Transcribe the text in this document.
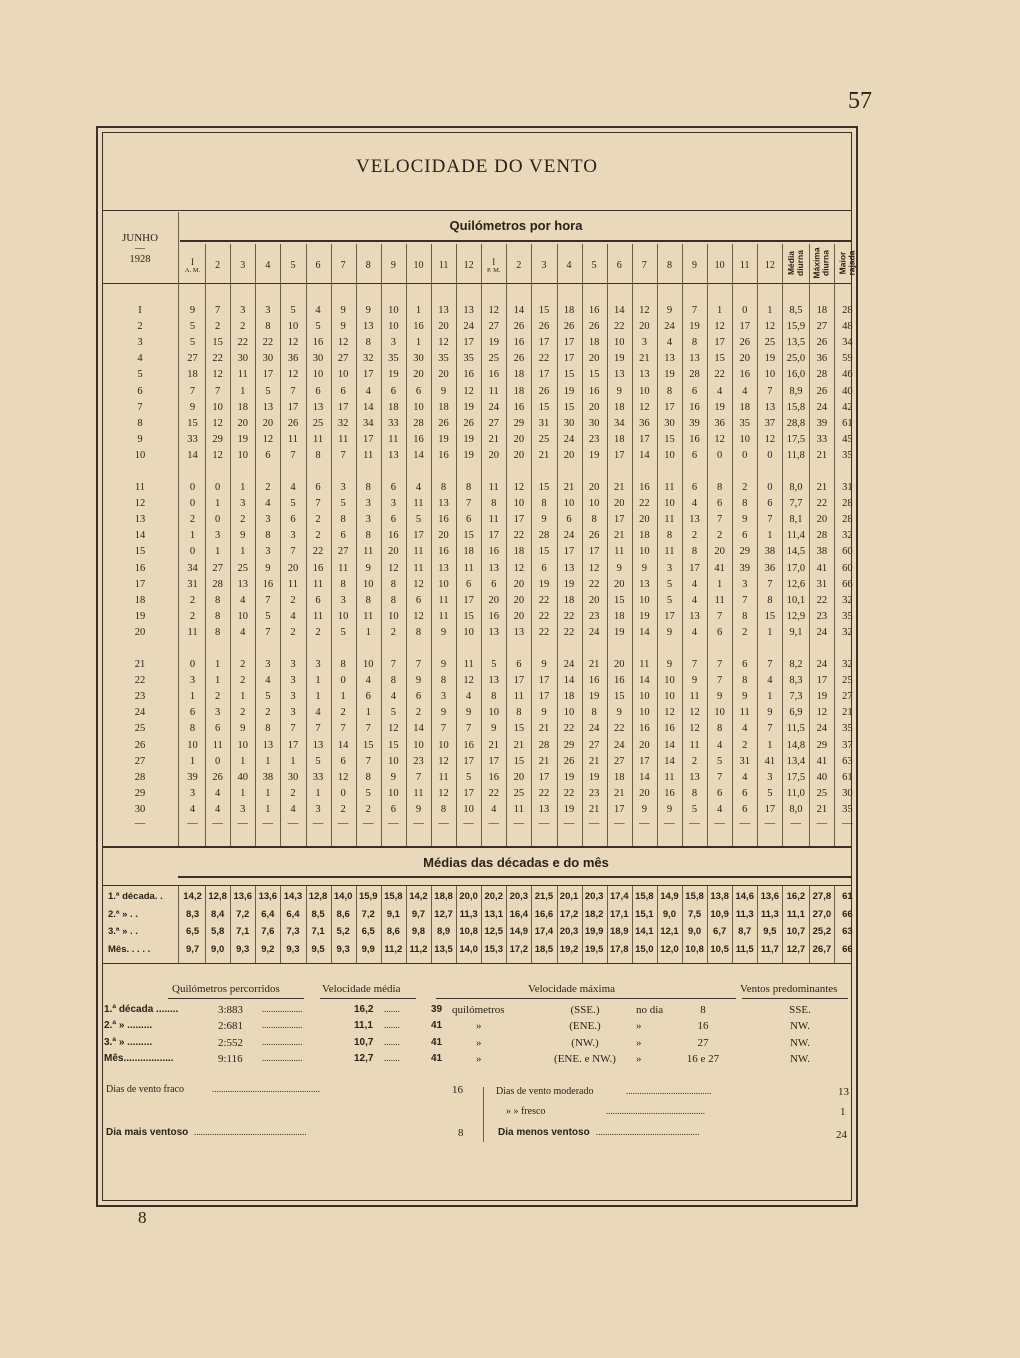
57
VELOCIDADE DO VENTO
JUNHO
—
1928
Quilómetros por hora
I
A. M.	2	3	4	5	6	7	8	9	10	11	12	I
P. M.	2	3	4	5	6	7	8	9	10	11	12	Média diurna Máxima diurna Maior rajada
I	9	7	3	3	5	4	9	9	10	1	13	13	12	14	15	18	16	14	12	9	7	1	0	1	8,5	18	28
2	5	2	2	8	10	5	9	13	10	16	20	24	27	26	26	26	26	22	20	24	19	12	17	12	15,9	27	48
3	5	15	22	22	12	16	12	8	3	1	12	17	19	16	17	17	18	10	3	4	8	17	26	25	13,5	26	34
4	27	22	30	30	36	30	27	32	35	30	35	35	25	26	22	17	20	19	21	13	13	15	20	19	25,0	36	59
5	18	12	11	17	12	10	10	17	19	20	20	16	16	18	17	15	15	13	13	19	28	22	16	10	16,0	28	46
6	7	7	1	5	7	6	6	4	6	6	9	12	11	18	26	19	16	9	10	8	6	4	4	7	8,9	26	40
7	9	10	18	13	17	13	17	14	18	10	18	19	24	16	15	15	20	18	12	17	16	19	18	13	15,8	24	42
8	15	12	20	20	26	25	32	34	33	28	26	26	27	29	31	30	30	34	36	30	39	36	35	37	28,8	39	61
9	33	29	19	12	11	11	11	17	11	16	19	19	21	20	25	24	23	18	17	15	16	12	10	12	17,5	33	45
10	14	12	10	6	7	8	7	11	13	14	16	19	20	20	21	20	19	17	14	10	6	0	0	0	11,8	21	35
11	0	0	1	2	4	6	3	8	6	4	8	8	11	12	15	21	20	21	16	11	6	8	2	0	8,0	21	31
12	0	1	3	4	5	7	5	3	3	11	13	7	8	10	8	10	10	20	22	10	4	6	8	6	7,7	22	28
13	2	0	2	3	6	2	8	3	6	5	16	6	11	17	9	6	8	17	20	11	13	7	9	7	8,1	20	28
14	1	3	9	8	3	2	6	8	16	17	20	15	17	22	28	24	26	21	18	8	2	2	6	1	11,4	28	32
15	0	1	1	3	7	22	27	11	20	11	16	18	16	18	15	17	17	11	10	11	8	20	29	38	14,5	38	60
16	34	27	25	9	20	16	11	9	12	11	13	11	13	12	6	13	12	9	9	3	17	41	39	36	17,0	41	60
17	31	28	13	16	11	11	8	10	8	12	10	6	6	20	19	19	22	20	13	5	4	1	3	7	12,6	31	66
18	2	8	4	7	2	6	3	8	8	6	11	17	20	20	22	18	20	15	10	5	4	11	7	8	10,1	22	32
19	2	8	10	5	4	11	10	11	10	12	11	15	16	20	22	22	23	18	19	17	13	7	8	15	12,9	23	35
20	11	8	4	7	2	2	5	1	2	8	9	10	13	13	22	22	24	19	14	9	4	6	2	1	9,1	24	32
21	0	1	2	3	3	3	8	10	7	7	9	11	5	6	9	24	21	20	11	9	7	7	6	7	8,2	24	32
22	3	1	2	4	3	1	0	4	8	9	8	12	13	17	17	14	16	16	14	10	9	7	8	4	8,3	17	25
23	1	2	1	5	3	1	1	6	4	6	3	4	8	11	17	18	19	15	10	10	11	9	9	1	7,3	19	27
24	6	3	2	2	3	4	2	1	5	2	9	9	10	8	9	10	8	9	10	12	12	10	11	9	6,9	12	21
25	8	6	9	8	7	7	7	7	12	14	7	7	9	15	21	22	24	22	16	16	12	8	4	7	11,5	24	35
26	10	11	10	13	17	13	14	15	15	10	10	16	21	21	28	29	27	24	20	14	11	4	2	1	14,8	29	37
27	1	0	1	1	1	5	6	7	10	23	12	17	17	15	21	26	21	27	17	14	2	5	31	41	13,4	41	63
28	39	26	40	38	30	33	12	8	9	7	11	5	16	20	17	19	19	18	14	11	13	7	4	3	17,5	40	61
29	3	4	1	1	2	1	0	5	10	11	12	17	22	25	22	22	23	21	20	16	8	6	6	5	11,0	25	30
30	4	4	3	1	4	3	2	2	6	9	8	10	4	11	13	19	21	17	9	9	5	4	6	17	8,0	21	35
—	—	—	—	—	—	—	—	—	—	—	—	—	—	—	—	—	—	—	—	—	—	—	—	—	—	—	—
Médias das décadas e do mês
1.ª década. .	14,2 12,8 13,6 13,6 14,3 12,8 14,0 15,9 15,8 14,2 18,8 20,0 20,2 20,3 21,5 20,1 20,3 17,4 15,8 14,9 15,8 13,8 14,6 13,6 16,2 27,8	61
2.ª » . .	8,3	8,4	7,2	6,4	6,4	8,5	8,6	7,2	9,1	9,7 12,7 11,3 13,1 16,4 16,6 17,2 18,2 17,1 15,1 9,0	7,5 10,9 11,3 11,3 11,1 27,0	66
3.ª » . .	6,5	5,8	7,1	7,6	7,3	7,1	5,2	6,5	8,6	9,8	8,9 10,8 12,5 14,9 17,4 20,3 19,9 18,9 14,1 12,1 9,0	6,7	8,7	9,5	10,7 25,2	63
Mês. . . . .	9,7	9,0	9,3	9,2	9,3	9,5	9,3	9,9	11,2 11,2 13,5 14,0 15,3 17,2 18,5 19,2 19,5 17,8 15,0 12,0 10,8 10,5 11,5 11,7 12,7 26,7	66
Quilómetros percorridos	Velocidade média	Velocidade máxima	Ventos predominantes
1.ª década ........	3:883 ..................	16,2 .......	39 quilómetros	(SSE.)	no dia	8	SSE.
2.ª » .........	2:681 ..................	11,1 .......	41	»	(ENE.)	»	16	NW.
3.ª » .........	2:552 ..................	10,7 .......	41	»	(NW.)	»	27	NW.
Mês..................	9:116 ..................	12,7 .......	41	»	(ENE. e NW.)	»	16 e 27	NW.
Dias de vento fraco	................................................	16	Dias de vento moderado	......................................	13
» » fresco	............................................	1
Dia mais ventoso ..................................................	8	Dia menos ventoso ..............................................	24
8
